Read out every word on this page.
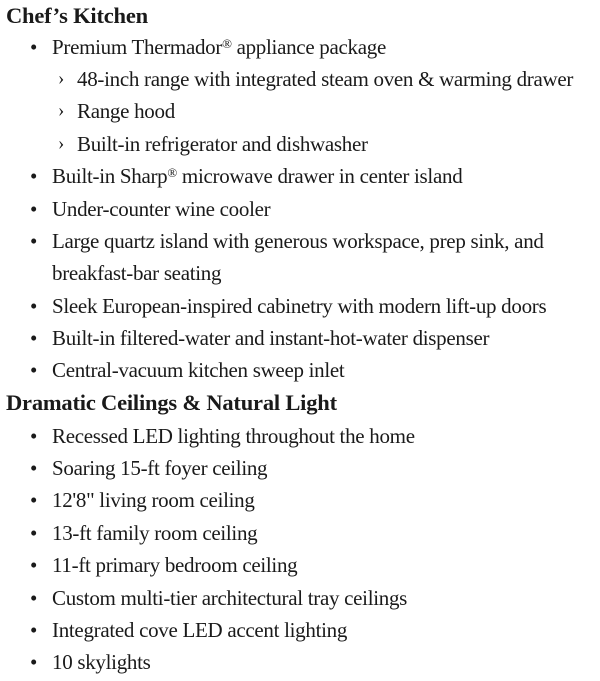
Chef’s Kitchen
• Premium Thermador® appliance package
› 48-inch range with integrated steam oven & warming drawer
› Range hood
› Built-in refrigerator and dishwasher
• Built-in Sharp® microwave drawer in center island
• Under-counter wine cooler
• Large quartz island with generous workspace, prep sink, and
breakfast-bar seating
• Sleek European-inspired cabinetry with modern lift-up doors
• Built-in filtered-water and instant-hot-water dispenser
• Central-vacuum kitchen sweep inlet
Dramatic Ceilings & Natural Light
• Recessed LED lighting throughout the home
• Soaring 15-ft foyer ceiling
• 12'8" living room ceiling
• 13-ft family room ceiling
• 11-ft primary bedroom ceiling
• Custom multi-tier architectural tray ceilings
• Integrated cove LED accent lighting
• 10 skylights
